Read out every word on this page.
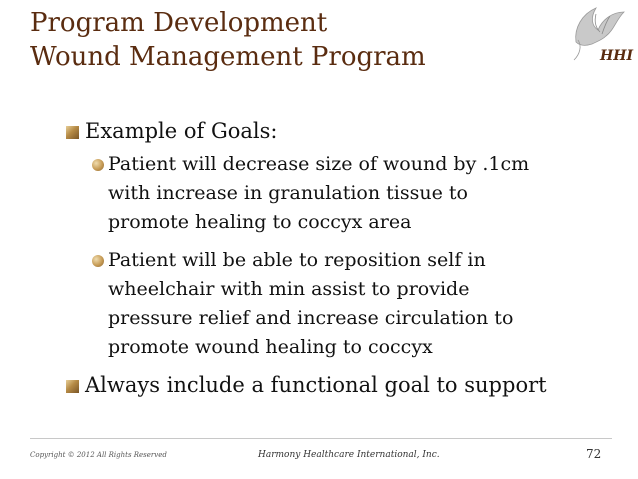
Program Development
Wound Management Program	HHI
Example of Goals:
Patient will decrease size of wound by .1cm
with increase in granulation tissue to
promote healing to coccyx area
Patient will be able to reposition self in
wheelchair with min assist to provide
pressure relief and increase circulation to
promote wound healing to coccyx
Always include a functional goal to support
Copyright © 2012 All Rights Reserved	Harmony Healthcare International, Inc.	72
